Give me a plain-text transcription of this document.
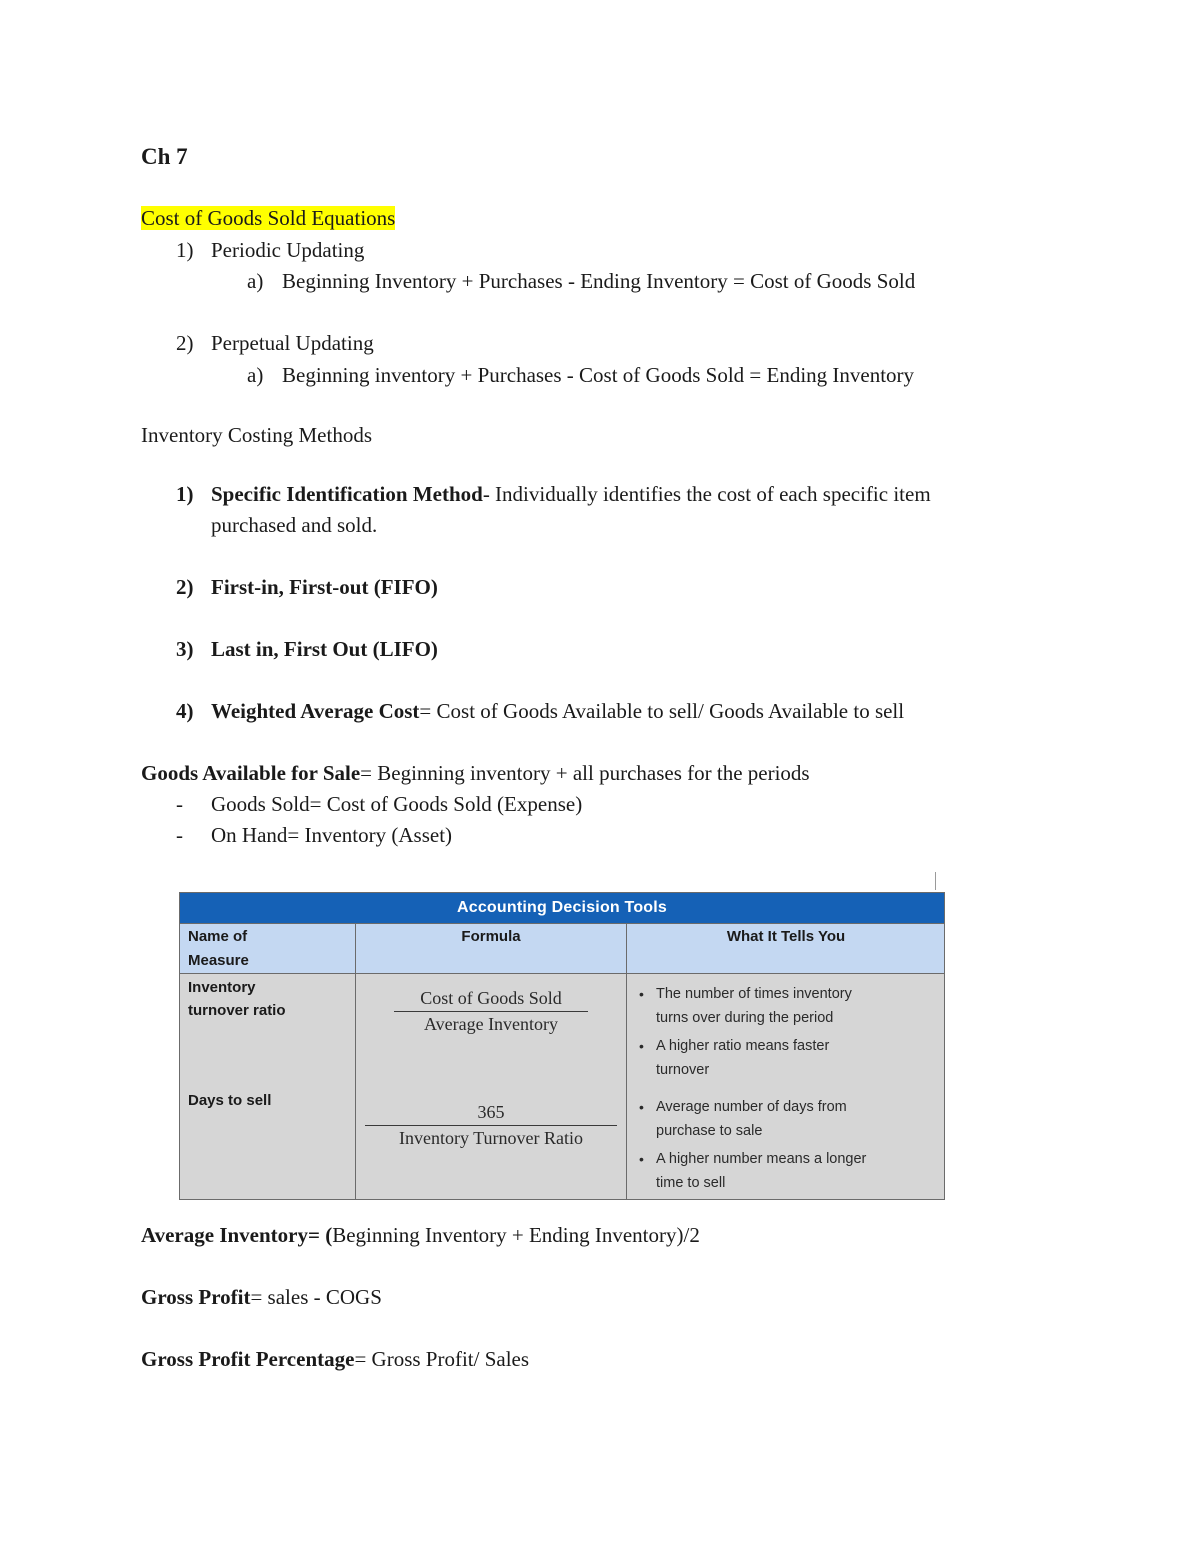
Ch 7
Cost of Goods Sold Equations
1) Periodic Updating
a) Beginning Inventory + Purchases - Ending Inventory = Cost of Goods Sold
2) Perpetual Updating
a) Beginning inventory + Purchases - Cost of Goods Sold = Ending Inventory
Inventory Costing Methods
1) Specific Identification Method- Individually identifies the cost of each specific item
purchased and sold.
2) First-in, First-out (FIFO)
3) Last in, First Out (LIFO)
4) Weighted Average Cost= Cost of Goods Available to sell/ Goods Available to sell
Goods Available for Sale= Beginning inventory + all purchases for the periods
- Goods Sold= Cost of Goods Sold (Expense)
- On Hand= Inventory (Asset)
Accounting Decision Tools
Name of
Measure
Formula	What It Tells You
Inventory
turnover ratio
Cost of Goods Sold
Average Inventory
• The number of times inventory
turns over during the period
• A higher ratio means faster
turnover
Days to sell
365
Inventory Turnover Ratio
• Average number of days from
purchase to sale
• A higher number means a longer
time to sell
Average Inventory= (Beginning Inventory + Ending Inventory)/2
Gross Profit= sales - COGS
Gross Profit Percentage= Gross Profit/ Sales
